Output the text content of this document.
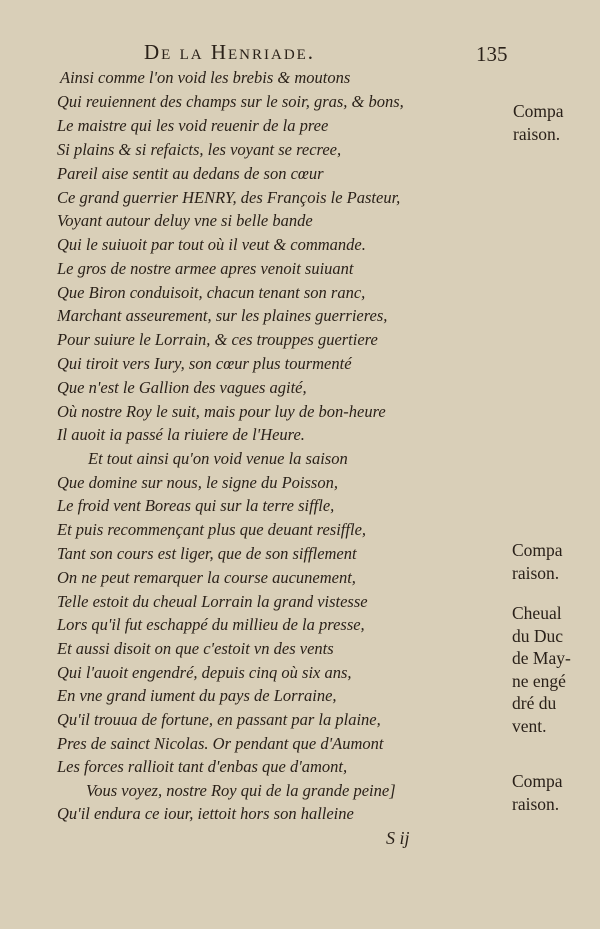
De la Henriade.	135
Ainsi comme l'on void les brebis & moutons
Qui reuiennent des champs sur le soir, gras, & bons,
Le maistre qui les void reuenir de la pree
Si plains & si refaicts, les voyant se recree,
Pareil aise sentit au dedans de son cœur
Ce grand guerrier HENRY, des François le Pasteur,
Voyant autour deluy vne si belle bande
Qui le suiuoit par tout où il veut & commande.
Le gros de nostre armee apres venoit suiuant
Que Biron conduisoit, chacun tenant son ranc,
Marchant asseurement, sur les plaines guerrieres,
Pour suiure le Lorrain, & ces trouppes guertiere
Qui tiroit vers Iury, son cœur plus tourmenté
Que n'est le Gallion des vagues agité,
Où nostre Roy le suit, mais pour luy de bon-heure
Il auoit ia passé la riuiere de l'Heure.
Et tout ainsi qu'on void venue la saison
Que domine sur nous, le signe du Poisson,
Le froid vent Boreas qui sur la terre siffle,
Et puis recommençant plus que deuant resiffle,
Tant son cours est liger, que de son sifflement
On ne peut remarquer la course aucunement,
Telle estoit du cheual Lorrain la grand vistesse
Lors qu'il fut eschappé du millieu de la presse,
Et aussi disoit on que c'estoit vn des vents
Qui l'auoit engendré, depuis cinq où six ans,
En vne grand iument du pays de Lorraine,
Qu'il trouua de fortune, en passant par la plaine,
Pres de sainct Nicolas. Or pendant que d'Aumont
Les forces rallioit tant d'enbas que d'amont,
Vous voyez, nostre Roy qui de la grande peine]
Qu'il endura ce iour, iettoit hors son halleine
Compa
raison.
Compa
raison.
Cheual
du Duc
de May-
ne engé
dré du
vent.
Compa
raison.
S ij
